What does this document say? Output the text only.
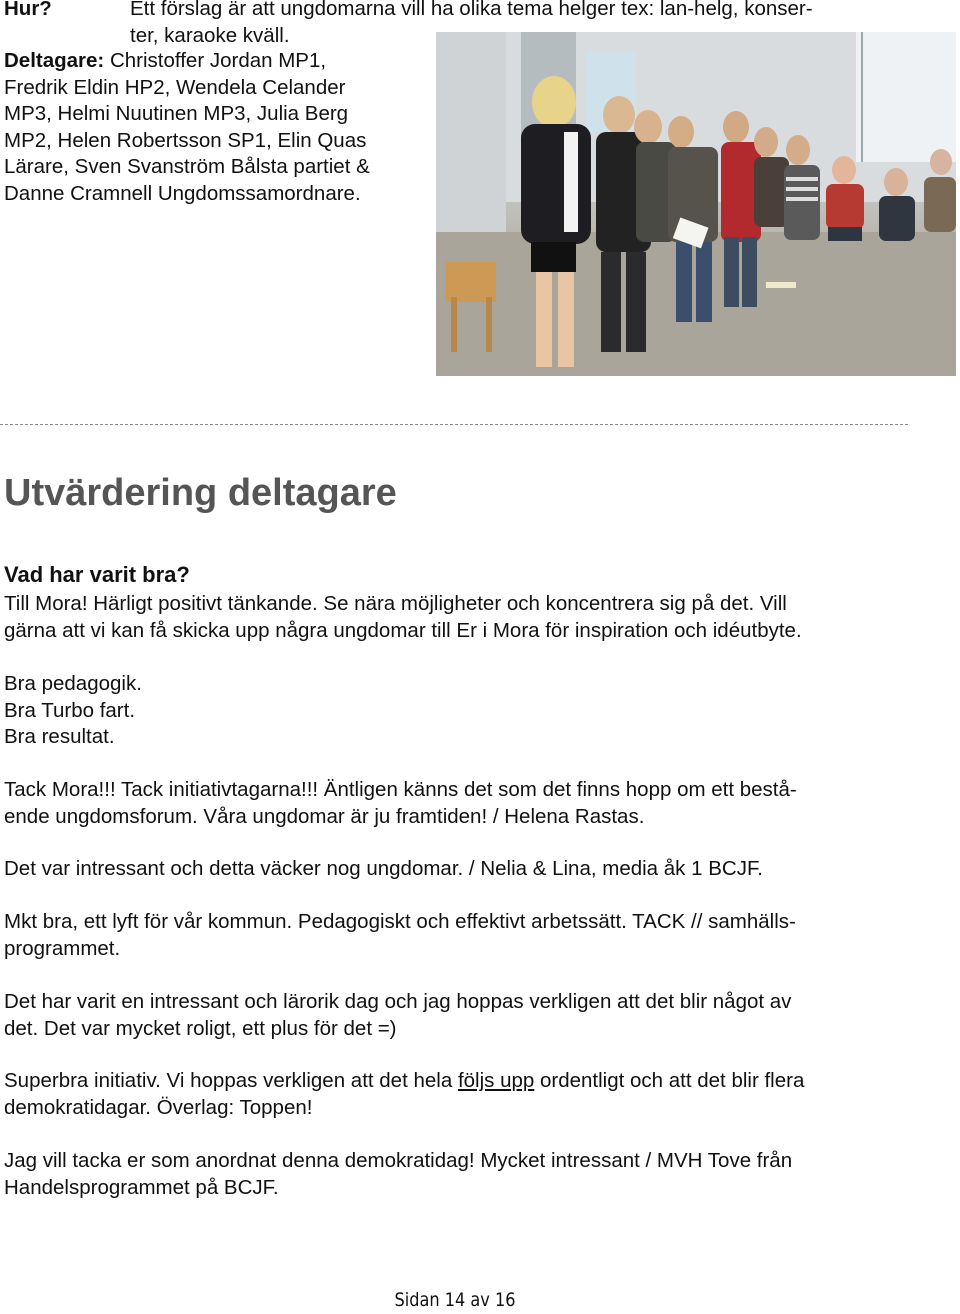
Hur?	Ett förslag är att ungdomarna vill ha olika tema helger tex: lan-helg, konser-
ter, karaoke kväll.
Deltagare: Christoffer Jordan MP1,
Fredrik Eldin HP2, Wendela Celander
MP3, Helmi Nuutinen MP3, Julia Berg
MP2, Helen Robertsson SP1, Elin Quas
Lärare, Sven Svanström Bålsta partiet &
Danne Cramnell Ungdomssamordnare.
Utvärdering deltagare
Vad har varit bra?
Till Mora! Härligt positivt tänkande. Se nära möjligheter och koncentrera sig på det. Vill
gärna att vi kan få skicka upp några ungdomar till Er i Mora för inspiration och idéutbyte.
Bra pedagogik.
Bra Turbo fart.
Bra resultat.
Tack Mora!!! Tack initiativtagarna!!! Äntligen känns det som det finns hopp om ett bestå-
ende ungdomsforum. Våra ungdomar är ju framtiden! / Helena Rastas.
Det var intressant och detta väcker nog ungdomar. / Nelia & Lina, media åk 1 BCJF.
Mkt bra, ett lyft för vår kommun. Pedagogiskt och effektivt arbetssätt. TACK // samhälls-
programmet.
Det har varit en intressant och lärorik dag och jag hoppas verkligen att det blir något av
det. Det var mycket roligt, ett plus för det =)
Superbra initiativ. Vi hoppas verkligen att det hela följs upp ordentligt och att det blir flera
demokratidagar. Överlag: Toppen!
Jag vill tacka er som anordnat denna demokratidag! Mycket intressant / MVH Tove från
Handelsprogrammet på BCJF.
Sidan 14 av 16
